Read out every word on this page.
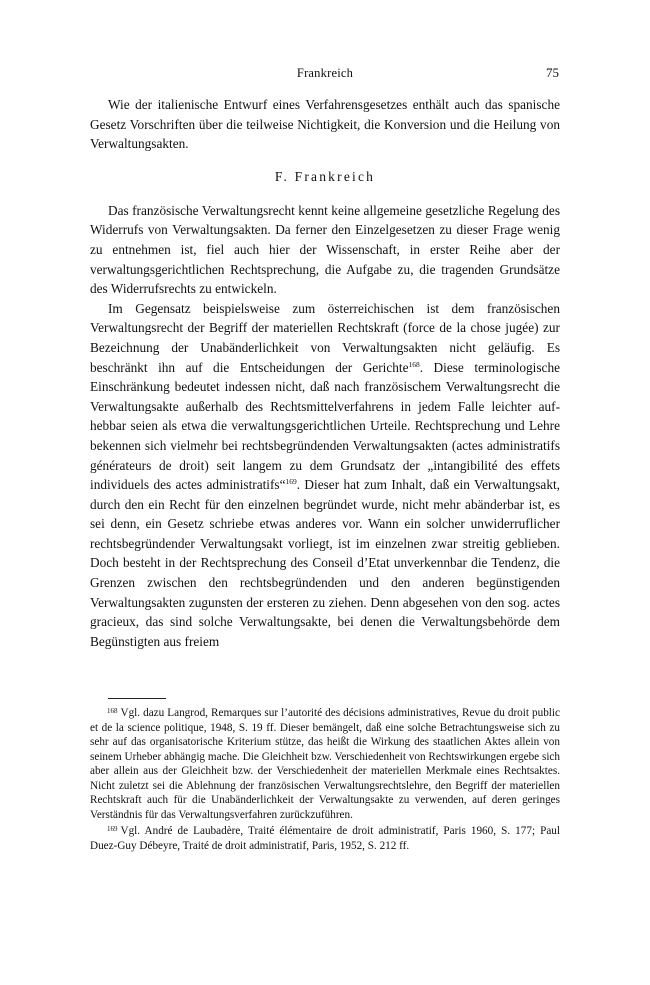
Frankreich	75

Wie der italienische Entwurf eines Verfahrensgesetzes enthält auch das spanische Gesetz Vorschriften über die teilweise Nichtigkeit, die Konversion und die Heilung von Verwaltungsakten.

F. Frankreich

Das französische Verwaltungsrecht kennt keine allgemeine gesetzliche Regelung des Widerrufs von Verwaltungsakten. Da ferner den Einzelgesetzen zu dieser Frage wenig zu entnehmen ist, fiel auch hier der Wissenschaft, in erster Reihe aber der verwaltungsgerichtlichen Rechtsprechung, die Aufgabe zu, die tragenden Grundsätze des Widerrufsrechts zu entwickeln.

Im Gegensatz beispielsweise zum österreichischen ist dem französischen Verwaltungsrecht der Begriff der materiellen Rechtskraft (force de la chose jugée) zur Bezeichnung der Unabänderlichkeit von Verwaltungsakten nicht geläufig. Es beschränkt ihn auf die Entscheidungen der Gerichte$^{168}$. Diese terminologische Einschränkung bedeutet indessen nicht, daß nach französischem Verwaltungsrecht die Verwaltungsakte außerhalb des Rechtsmittelverfahrens in jedem Falle leichter aufhebbar seien als etwa die verwaltungsgerichtlichen Urteile. Rechtsprechung und Lehre bekennen sich vielmehr bei rechtsbegründenden Verwaltungsakten (actes administratifs générateurs de droit) seit langem zu dem Grundsatz der „intangibilité des effets individuels des actes administratifs“$^{169}$. Dieser hat zum Inhalt, daß ein Verwaltungsakt, durch den ein Recht für den einzelnen begründet wurde, nicht mehr abänderbar ist, es sei denn, ein Gesetz schriebe etwas anderes vor. Wann ein solcher unwiderruflicher rechtsbegründender Verwaltungsakt vorliegt, ist im einzelnen zwar streitig geblieben. Doch besteht in der Rechtsprechung des Conseil d’Etat unverkennbar die Tendenz, die Grenzen zwischen den rechtsbegründenden und den anderen begünstigenden Verwaltungsakten zugunsten der ersteren zu ziehen. Denn abgesehen von den sog. actes gracieux, das sind solche Verwaltungsakte, bei denen die Verwaltungsbehörde dem Begünstigten aus freiem

$^{168}$ Vgl. dazu Langrod, Remarques sur l’autorité des décisions administratives, Revue du droit public et de la science politique, 1948, S. 19 ff. Dieser bemängelt, daß eine solche Betrachtungsweise sich zu sehr auf das organisatorische Kriterium stütze, das heißt die Wirkung des staatlichen Aktes allein von seinem Urheber abhängig mache. Die Gleichheit bzw. Verschiedenheit von Rechtswirkungen ergebe sich aber allein aus der Gleichheit bzw. der Verschiedenheit der materiellen Merkmale eines Rechtsaktes. Nicht zuletzt sei die Ablehnung der französischen Verwaltungsrechtslehre, den Begriff der materiellen Rechtskraft auch für die Unabänderlichkeit der Verwaltungsakte zu verwenden, auf deren geringes Verständnis für das Verwaltungsverfahren zurückzuführen.

$^{169}$ Vgl. André de Laubadère, Traité élémentaire de droit administratif, Paris 1960, S. 177; Paul Duez-Guy Débeyre, Traité de droit administratif, Paris, 1952, S. 212 ff.
